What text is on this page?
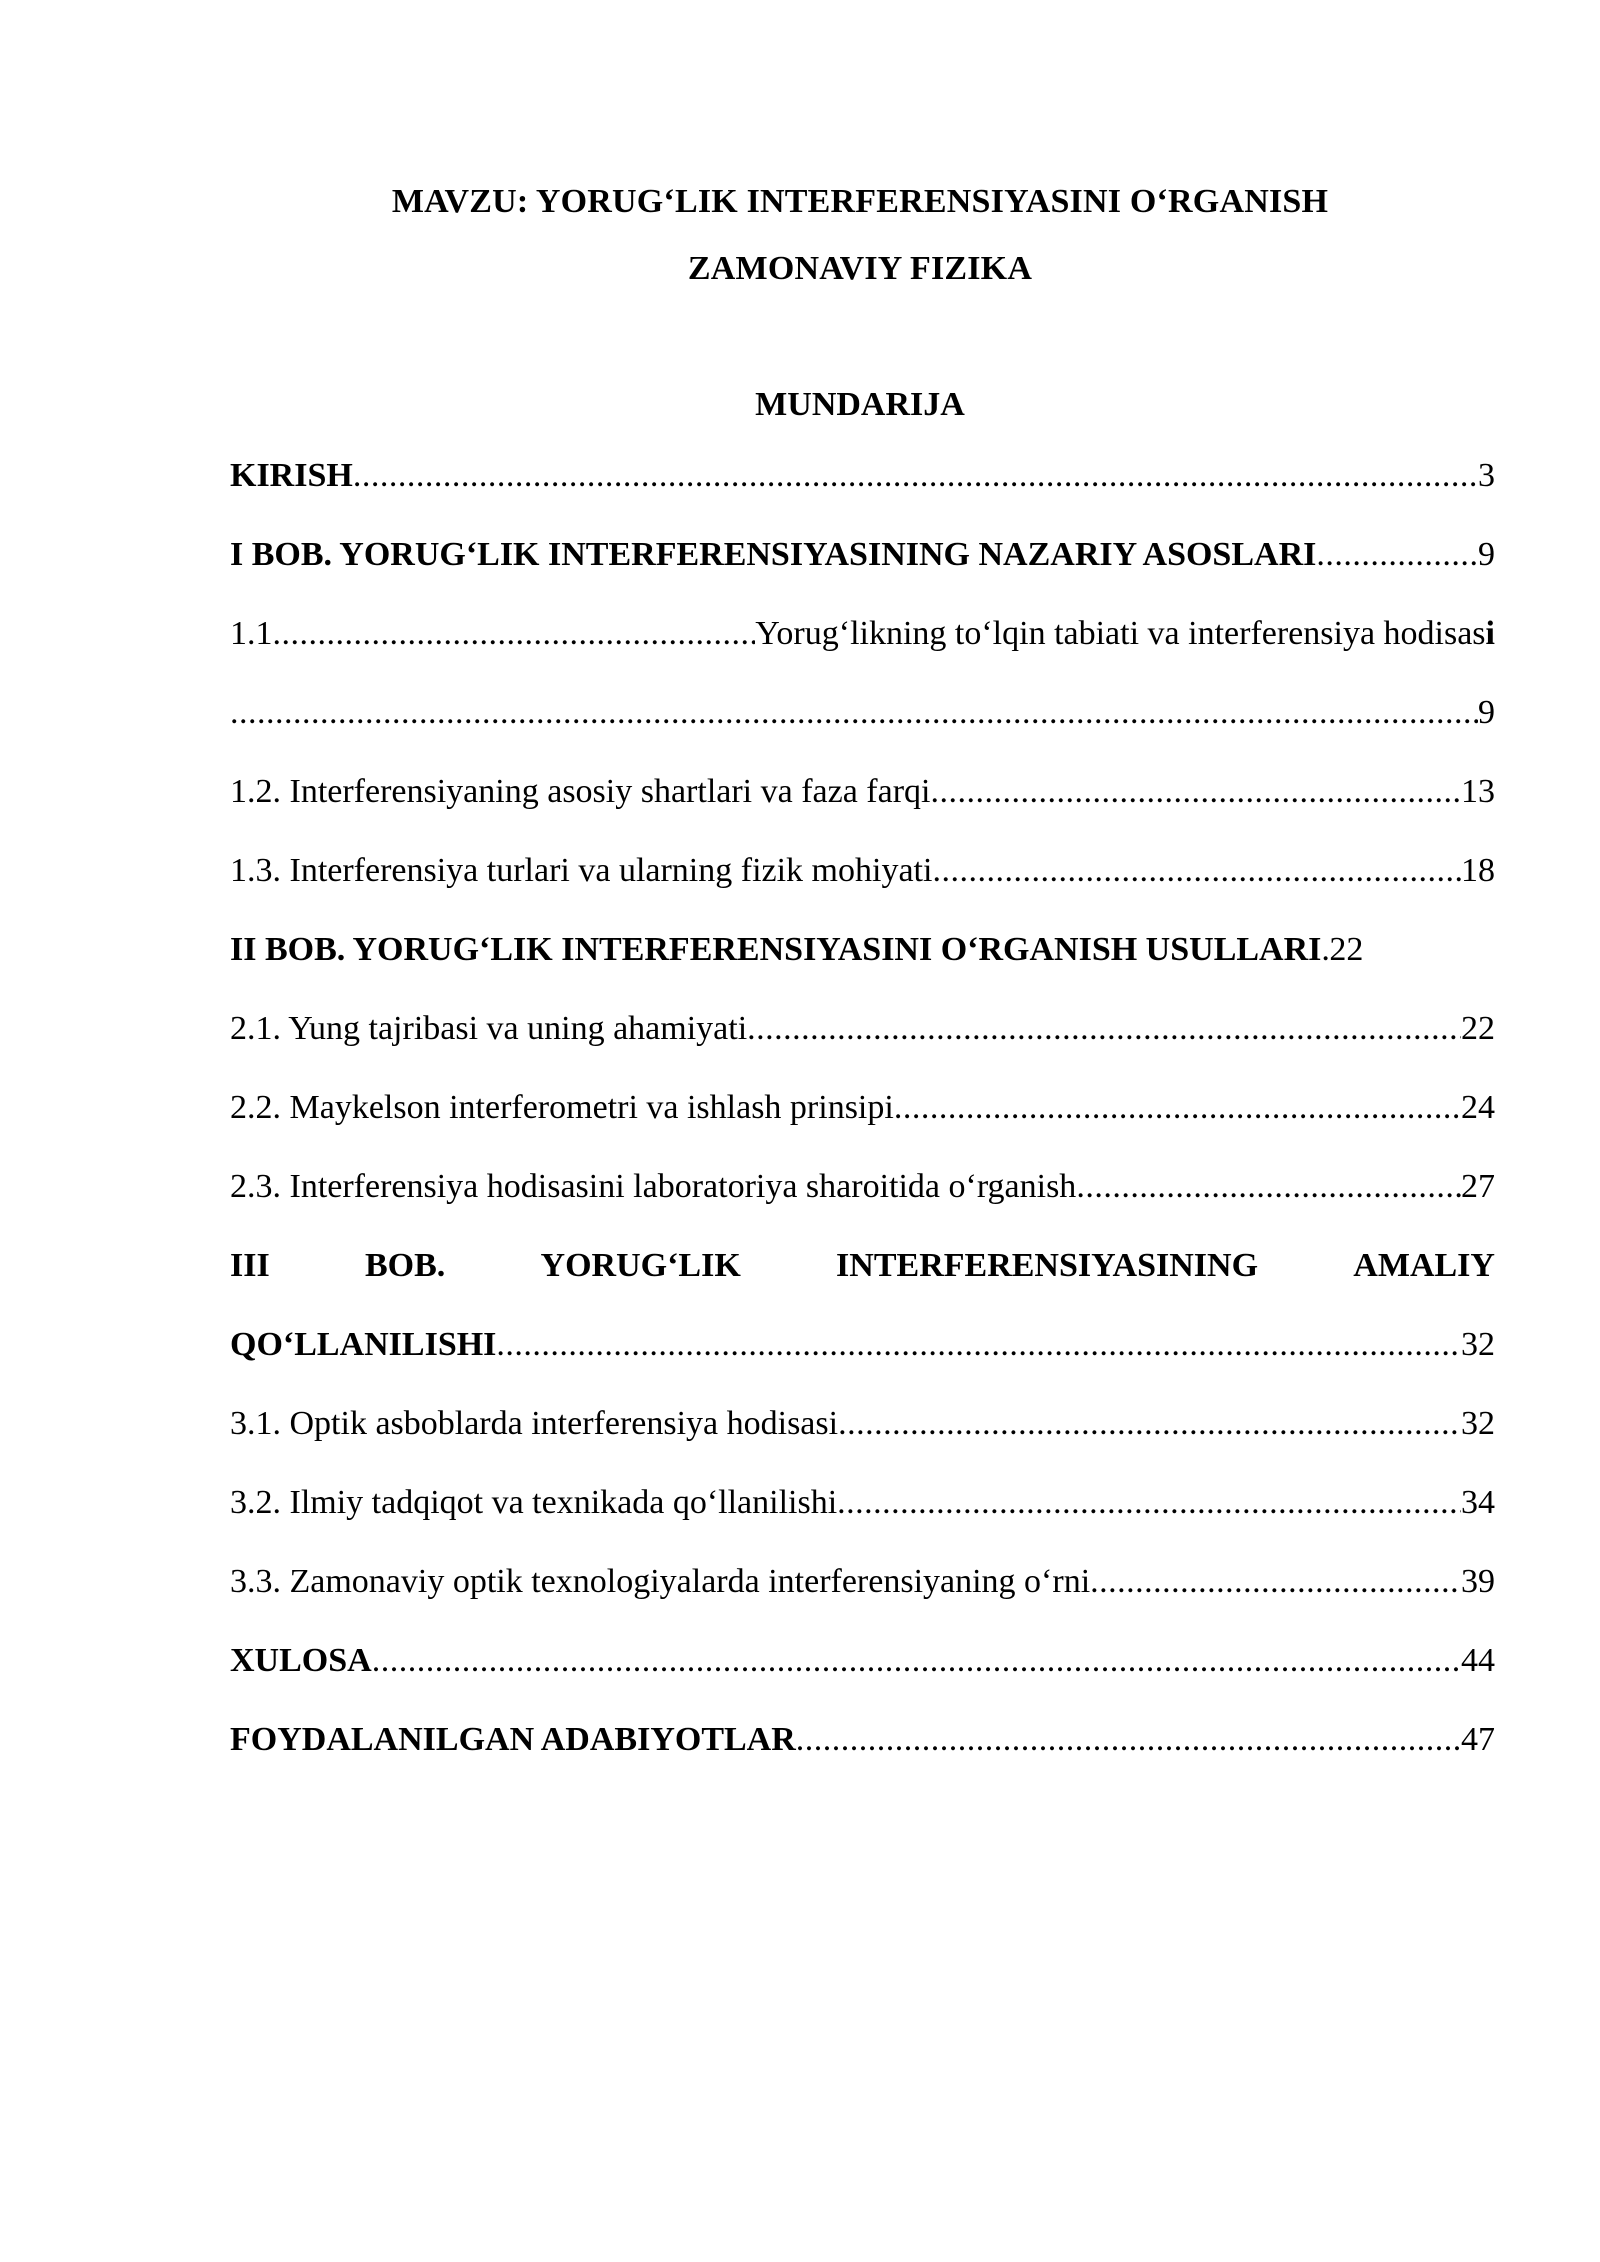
MAVZU: YORUG‘LIK INTERFERENSIYASINI O‘RGANISH
ZAMONAVIY FIZIKA
MUNDARIJA
KIRISH .....	3
I BOB. YORUG‘LIK INTERFERENSIYASINING NAZARIY ASOSLARI .....	.9
1.1 .....	Yorug‘likning to‘lqin tabiati va interferensiya hodisasi
.....
9
1.2. Interferensiyaning asosiy shartlari va faza farqi .....	13
1.3. Interferensiya turlari va ularning fizik mohiyati .....	18
II BOB. YORUG‘LIK INTERFERENSIYASINI O‘RGANISH USULLARI ..... 22
2.1. Yung tajribasi va uning ahamiyati .....	22
2.2. Maykelson interferometri va ishlash prinsipi .....	24
2.3. Interferensiya hodisasini laboratoriya sharoitida o‘rganish .....	27
III	BOB.	YORUG‘LIK	INTERFERENSIYASINING	AMALIY
QO‘LLANILISHI .....	32
3.1. Optik asboblarda interferensiya hodisasi .....	32
3.2. Ilmiy tadqiqot va texnikada qo‘llanilishi .....	34
3.3. Zamonaviy optik texnologiyalarda interferensiyaning o‘rni .....	39
XULOSA .....	44
FOYDALANILGAN ADABIYOTLAR .....	47
